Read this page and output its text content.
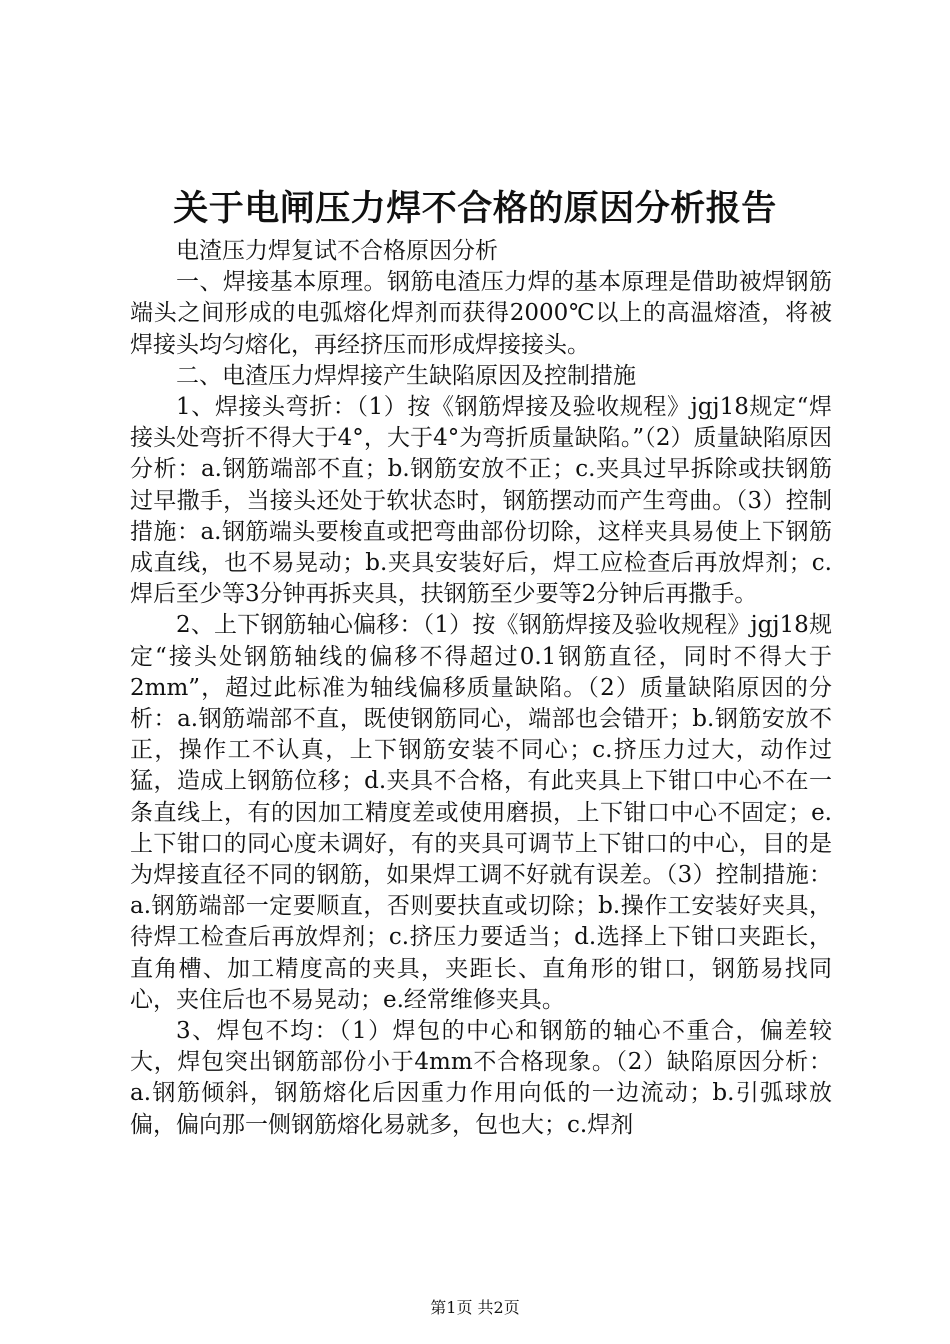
关于电闸压力焊不合格的原因分析报告

电渣压力焊复试不合格原因分析

一、焊接基本原理。钢筋电渣压力焊的基本原理是借助被焊钢筋端头之间形成的电弧熔化焊剂而获得2000℃以上的高温熔渣，将被焊接头均匀熔化，再经挤压而形成焊接接头。

二、电渣压力焊焊接产生缺陷原因及控制措施

1、焊接头弯折：（1）按《钢筋焊接及验收规程》jgj18规定“焊接头处弯折不得大于4°，大于4°为弯折质量缺陷。”（2）质量缺陷原因分析：a.钢筋端部不直；b.钢筋安放不正；c.夹具过早拆除或扶钢筋过早撒手，当接头还处于软状态时，钢筋摆动而产生弯曲。（3）控制措施：a.钢筋端头要梭直或把弯曲部份切除，这样夹具易使上下钢筋成直线，也不易晃动；b.夹具安装好后，焊工应检查后再放焊剂；c.焊后至少等3分钟再拆夹具，扶钢筋至少要等2分钟后再撒手。

2、上下钢筋轴心偏移：（1）按《钢筋焊接及验收规程》jgj18规定“接头处钢筋轴线的偏移不得超过0.1钢筋直径，同时不得大于2mm”，超过此标准为轴线偏移质量缺陷。（2）质量缺陷原因的分析：a.钢筋端部不直，既使钢筋同心，端部也会错开；b.钢筋安放不正，操作工不认真，上下钢筋安装不同心；c.挤压力过大，动作过猛，造成上钢筋位移；d.夹具不合格，有此夹具上下钳口中心不在一条直线上，有的因加工精度差或使用磨损，上下钳口中心不固定；e.上下钳口的同心度未调好，有的夹具可调节上下钳口的中心，目的是为焊接直径不同的钢筋，如果焊工调不好就有误差。（3）控制措施：a.钢筋端部一定要顺直，否则要扶直或切除；b.操作工安装好夹具，待焊工检查后再放焊剂；c.挤压力要适当；d.选择上下钳口夹距长，直角槽、加工精度高的夹具，夹距长、直角形的钳口，钢筋易找同心，夹住后也不易晃动；e.经常维修夹具。

3、焊包不均：（1）焊包的中心和钢筋的轴心不重合，偏差较大，焊包突出钢筋部份小于4mm不合格现象。（2）缺陷原因分析：a.钢筋倾斜，钢筋熔化后因重力作用向低的一边流动；b.引弧球放偏，偏向那一侧钢筋熔化易就多，包也大；c.焊剂

第1页 共2页
